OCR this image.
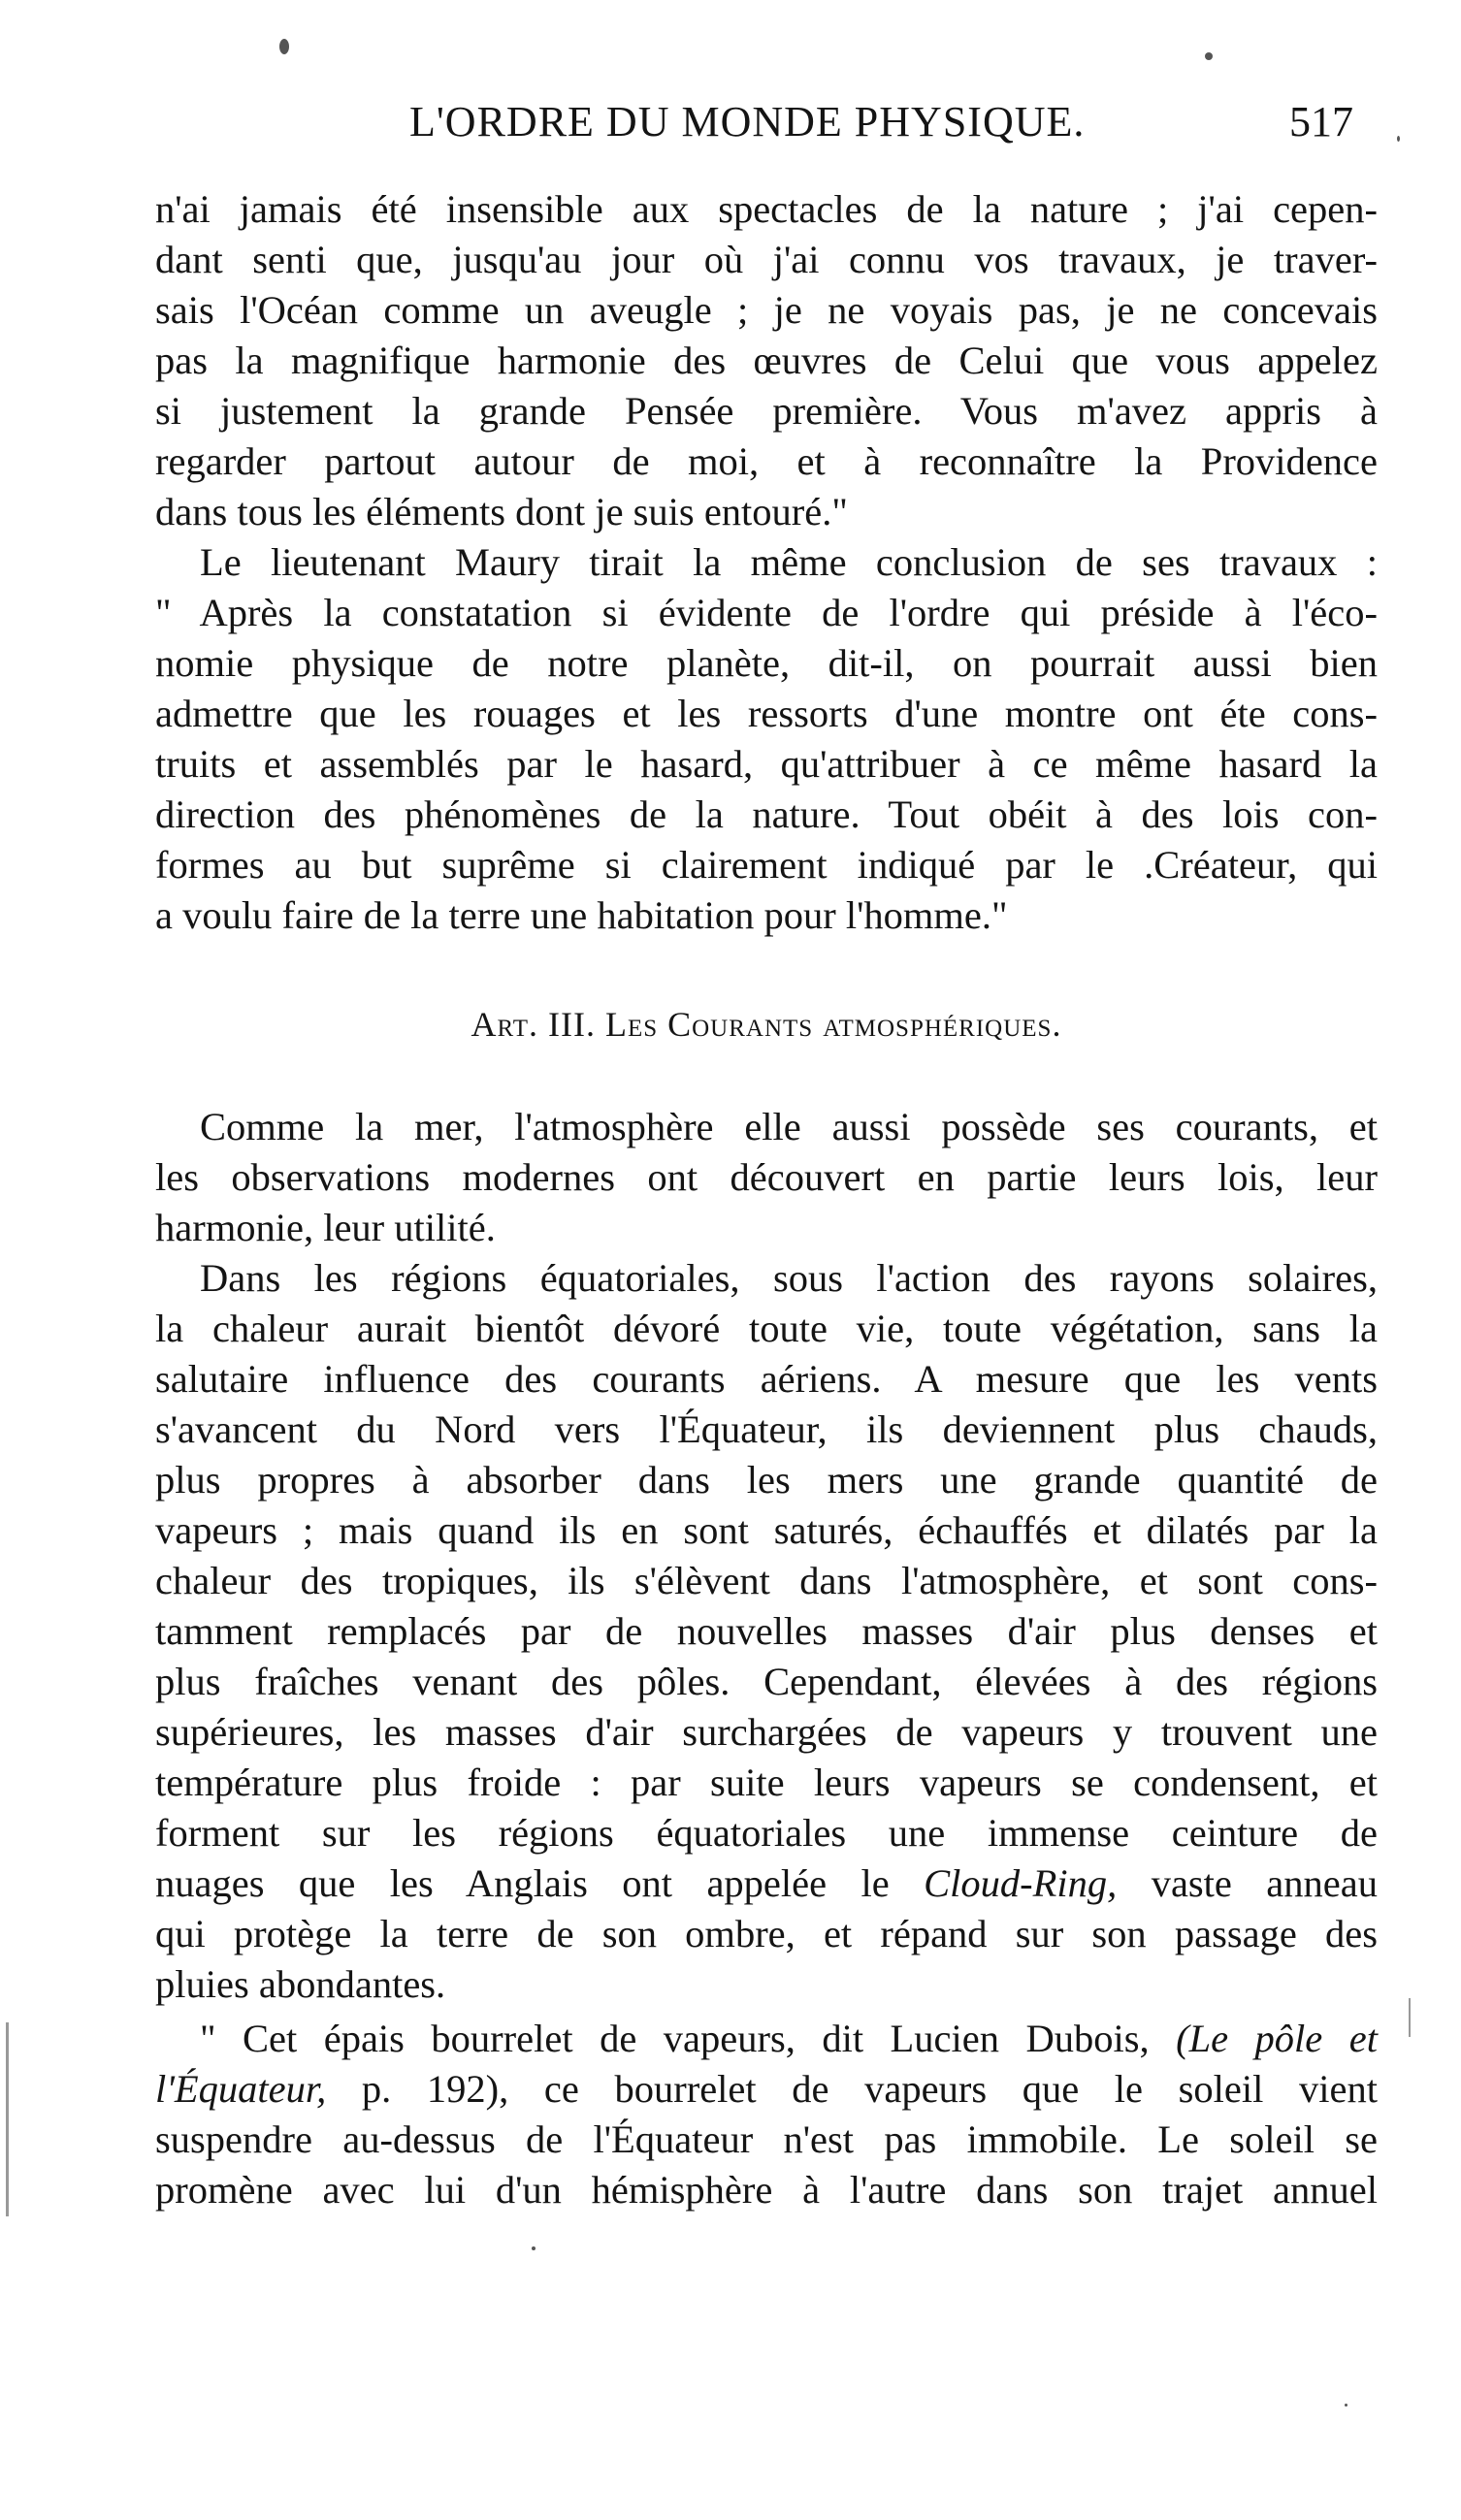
L'ORDRE DU MONDE PHYSIQUE.	517

n'ai jamais été insensible aux spectacles de la nature ; j'ai cepen-
dant senti que, jusqu'au jour où j'ai connu vos travaux, je traver-
sais l'Océan comme un aveugle ; je ne voyais pas, je ne concevais
pas la magnifique harmonie des œuvres de Celui que vous appelez
si justement la grande Pensée première. Vous m'avez appris à
regarder partout autour de moi, et à reconnaître la Providence
dans tous les éléments dont je suis entouré."

Le lieutenant Maury tirait la même conclusion de ses travaux :
" Après la constatation si évidente de l'ordre qui préside à l'éco-
nomie physique de notre planète, dit-il, on pourrait aussi bien
admettre que les rouages et les ressorts d'une montre ont éte cons-
truits et assemblés par le hasard, qu'attribuer à ce même hasard la
direction des phénomènes de la nature. Tout obéit à des lois con-
formes au but suprême si clairement indiqué par le .Créateur, qui
a voulu faire de la terre une habitation pour l'homme."

Art. III. Les Courants atmosphériques.

Comme la mer, l'atmosphère elle aussi possède ses courants, et
les observations modernes ont découvert en partie leurs lois, leur
harmonie, leur utilité.

Dans les régions équatoriales, sous l'action des rayons solaires,
la chaleur aurait bientôt dévoré toute vie, toute végétation, sans la
salutaire influence des courants aériens. A mesure que les vents
s'avancent du Nord vers l'Équateur, ils deviennent plus chauds,
plus propres à absorber dans les mers une grande quantité de
vapeurs ; mais quand ils en sont saturés, échauffés et dilatés par la
chaleur des tropiques, ils s'élèvent dans l'atmosphère, et sont cons-
tamment remplacés par de nouvelles masses d'air plus denses et
plus fraîches venant des pôles. Cependant, élevées à des régions
supérieures, les masses d'air surchargées de vapeurs y trouvent une
température plus froide : par suite leurs vapeurs se condensent, et
forment sur les régions équatoriales une immense ceinture de
nuages que les Anglais ont appelée le Cloud-Ring, vaste anneau
qui protège la terre de son ombre, et répand sur son passage des
pluies abondantes.

" Cet épais bourrelet de vapeurs, dit Lucien Dubois, (Le pôle et
l'Équateur, p. 192), ce bourrelet de vapeurs que le soleil vient
suspendre au-dessus de l'Équateur n'est pas immobile. Le soleil se
promène avec lui d'un hémisphère à l'autre dans son trajet annuel
